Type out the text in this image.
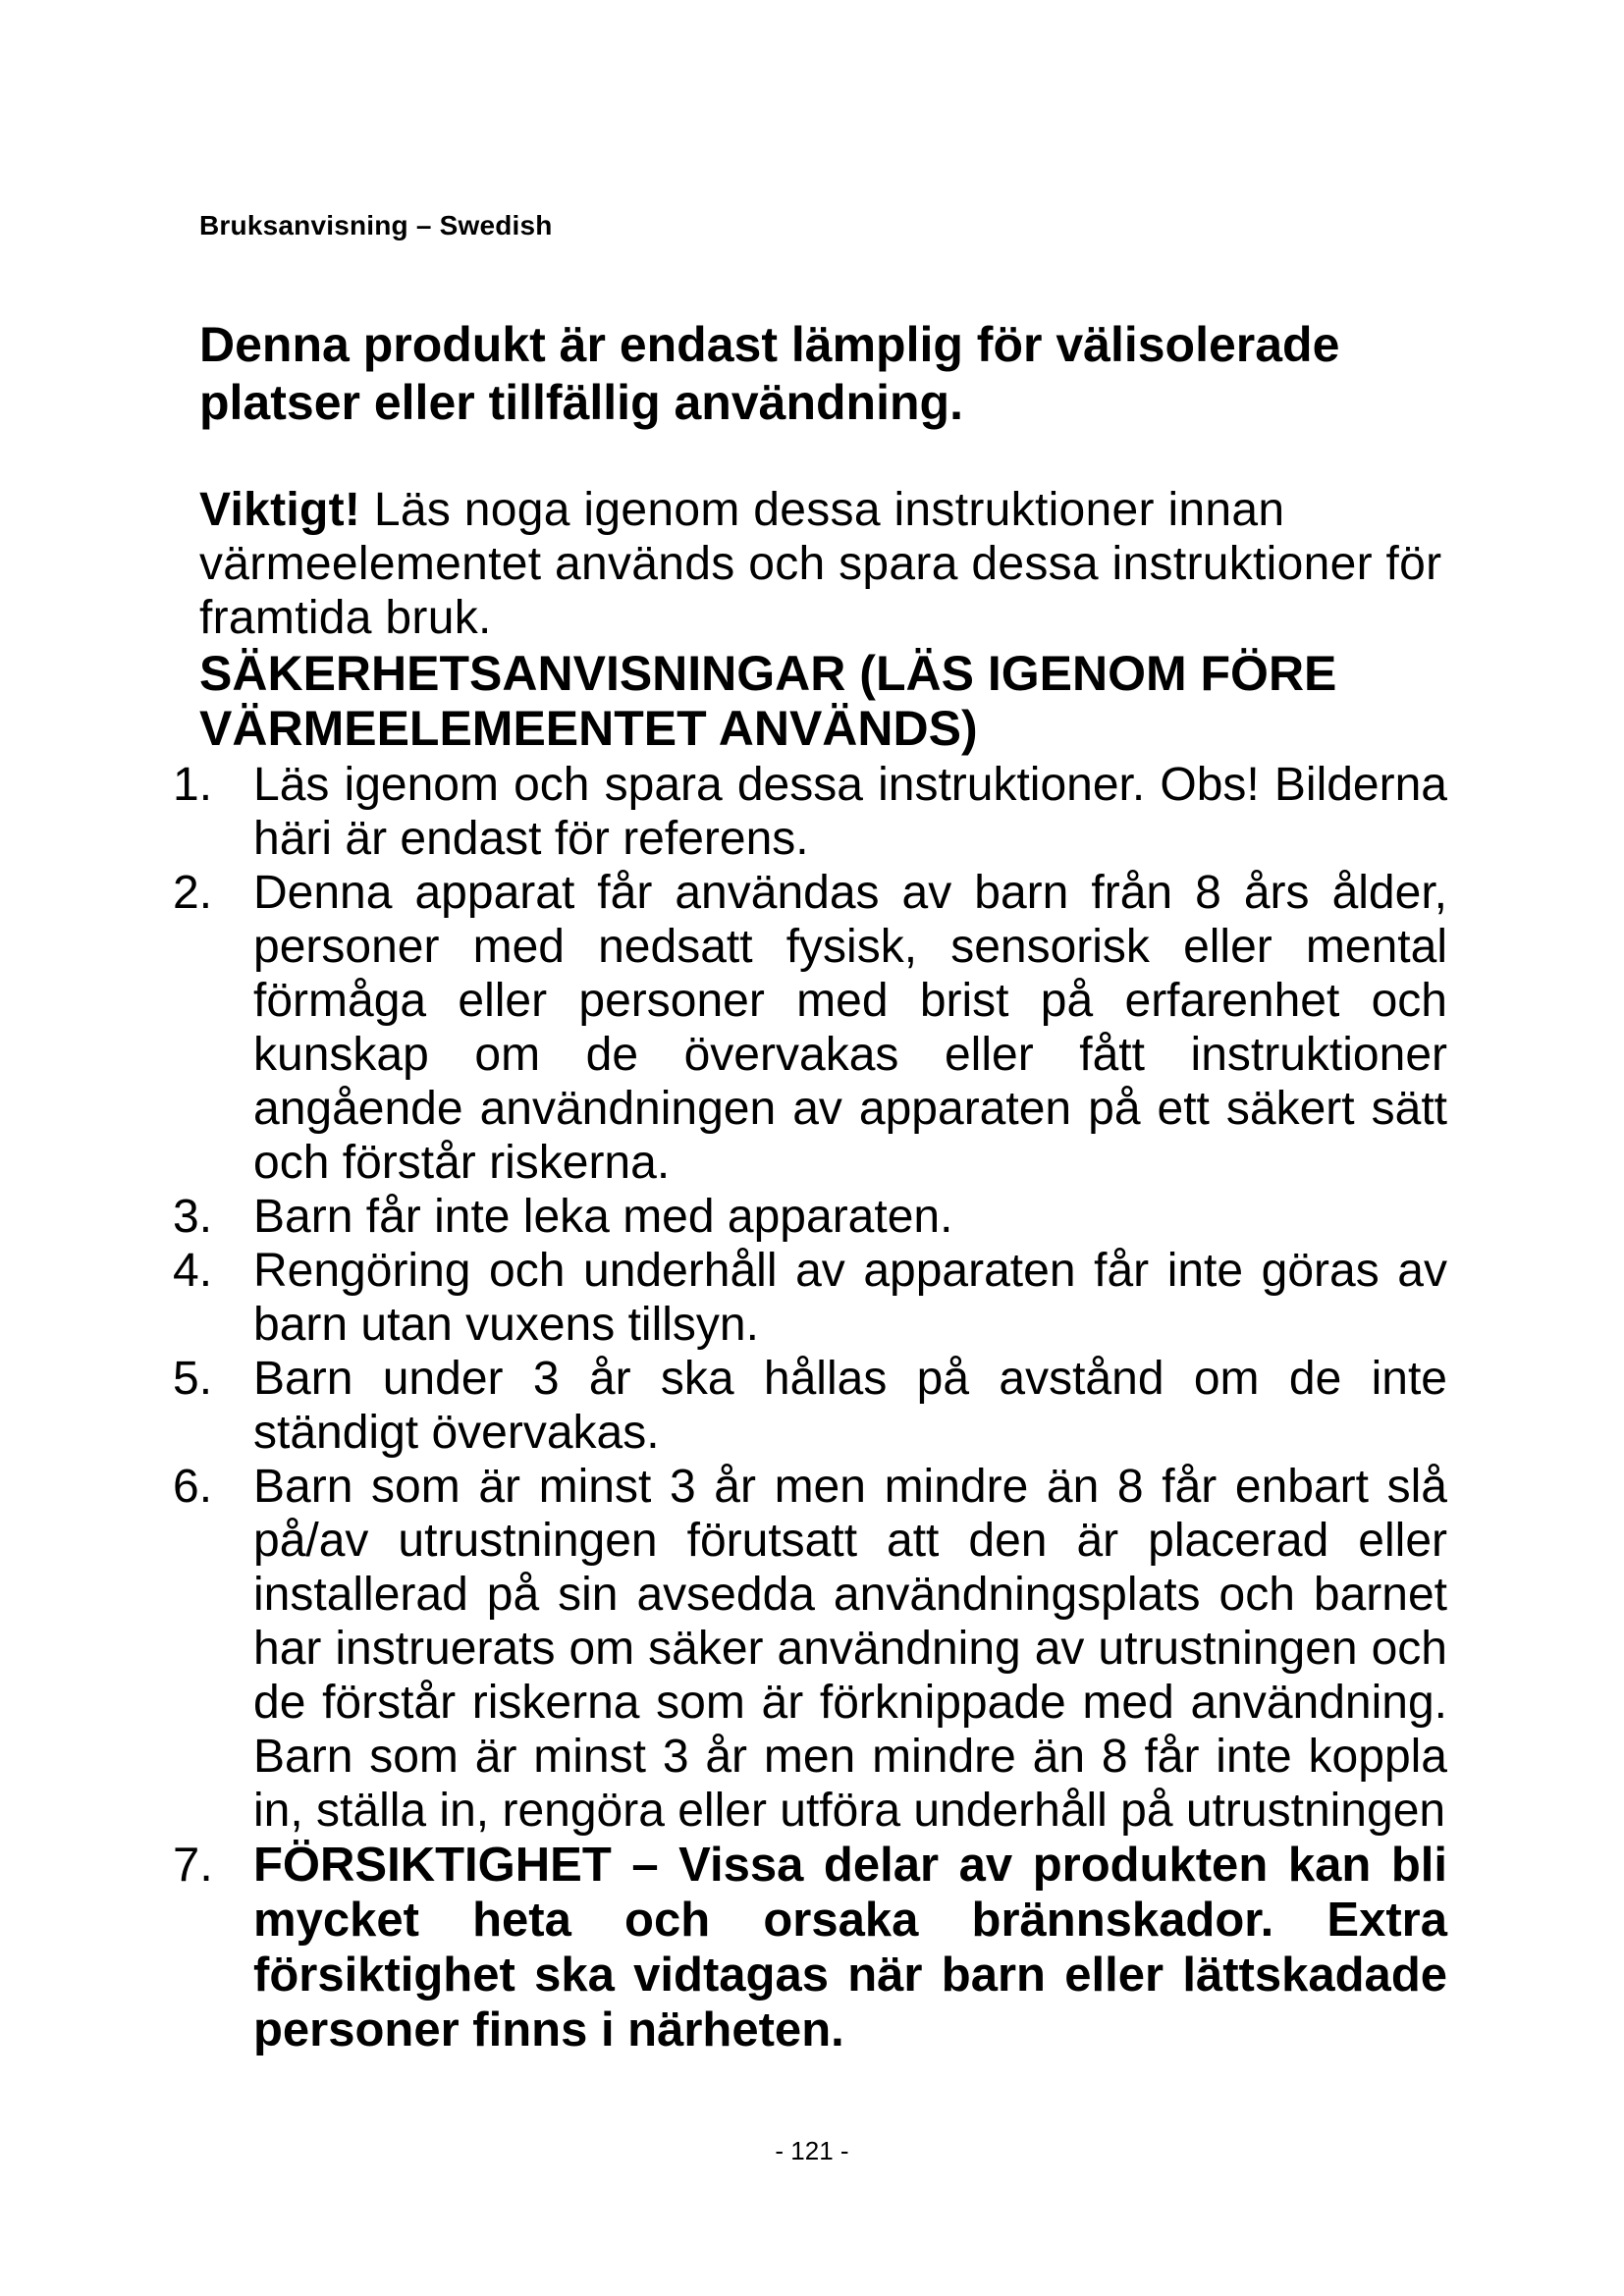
Bruksanvisning – Swedish
Denna produkt är endast lämplig för välisolerade platser eller tillfällig användning.
Viktigt! Läs noga igenom dessa instruktioner innan värmeelementet används och spara dessa instruktioner för framtida bruk.
SÄKERHETSANVISNINGAR (LÄS IGENOM FÖRE VÄRMEELEMEENTET ANVÄNDS)
1. Läs igenom och spara dessa instruktioner. Obs! Bilderna häri är endast för referens.
2. Denna apparat får användas av barn från 8 års ålder, personer med nedsatt fysisk, sensorisk eller mental förmåga eller personer med brist på erfarenhet och kunskap om de övervakas eller fått instruktioner angående användningen av apparaten på ett säkert sätt och förstår riskerna.
3. Barn får inte leka med apparaten.
4. Rengöring och underhåll av apparaten får inte göras av barn utan vuxens tillsyn.
5. Barn under 3 år ska hållas på avstånd om de inte ständigt övervakas.
6. Barn som är minst 3 år men mindre än 8 får enbart slå på/av utrustningen förutsatt att den är placerad eller installerad på sin avsedda användningsplats och barnet har instruerats om säker användning av utrustningen och de förstår riskerna som är förknippade med användning. Barn som är minst 3 år men mindre än 8 får inte koppla in, ställa in, rengöra eller utföra underhåll på utrustningen
7. FÖRSIKTIGHET – Vissa delar av produkten kan bli mycket heta och orsaka brännskador. Extra försiktighet ska vidtagas när barn eller lättskadade personer finns i närheten.
- 121 -
